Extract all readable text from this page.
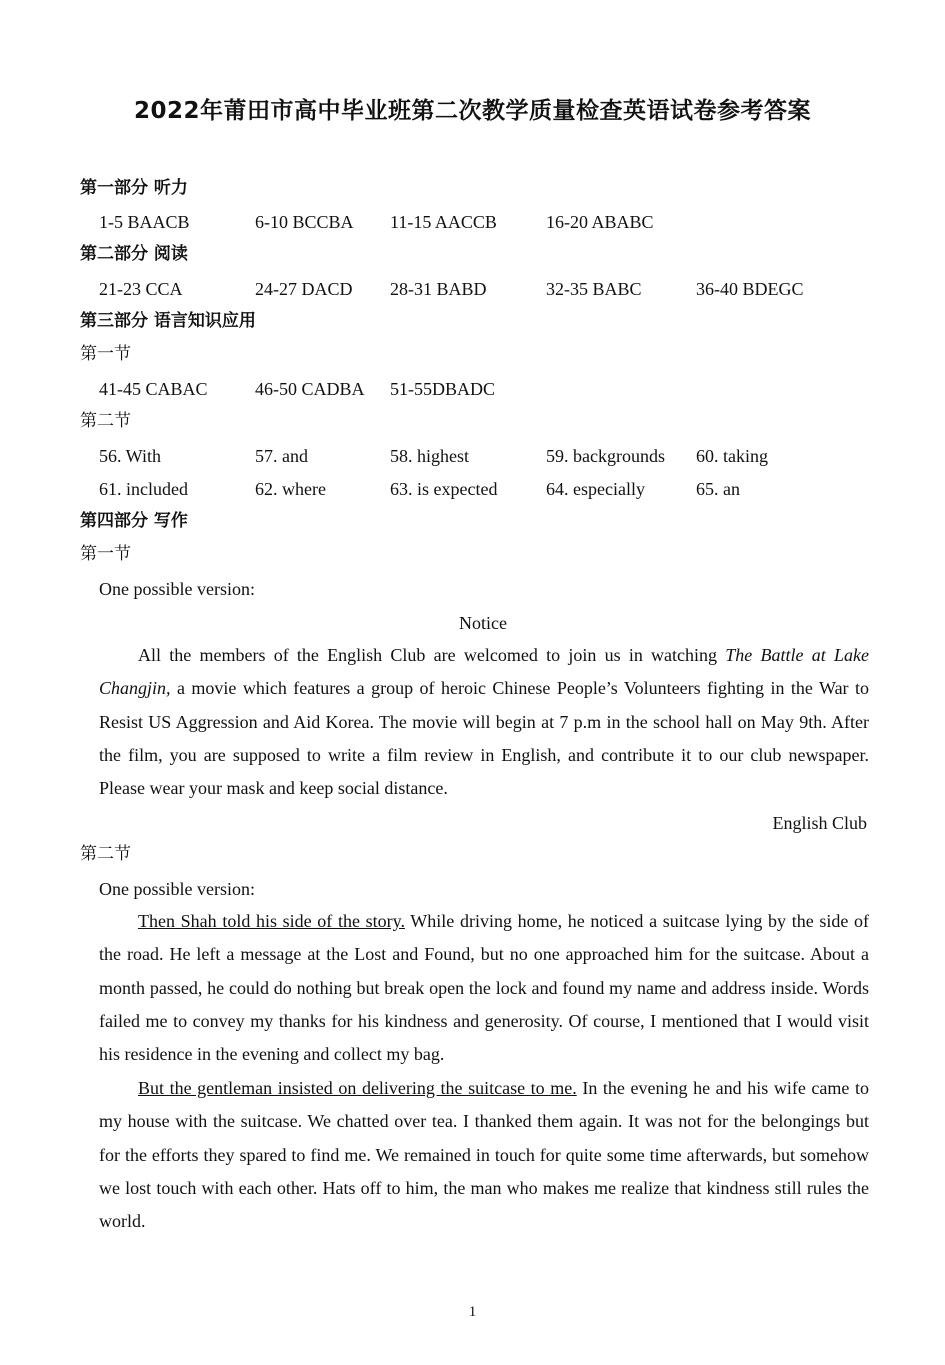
2022年莆田市高中毕业班第二次教学质量检查英语试卷参考答案
第一部分 听力
1-5 BAACB	6-10 BCCBA 11-15 AACCB	16-20 ABABC
第二部分 阅读
21-23 CCA	24-27 DACD 28-31 BABD	32-35 BABC	36-40 BDEGC
第三部分 语言知识应用
第一节
41-45 CABAC	46-50 CADBA 51-55DBADC
第二节
56. With	57. and	58. highest	59. backgrounds 60. taking
61. included	62. where	63. is expected	64. especially	65. an
第四部分 写作
第一节
One possible version:
Notice

All the members of the English Club are welcomed to join us in watching The Battle at Lake Changjin, a movie which features a group of heroic Chinese People’s Volunteers fighting in the War to Resist US Aggression and Aid Korea. The movie will begin at 7 p.m in the school hall on May 9th. After the film, you are supposed to write a film review in English, and contribute it to our club newspaper. Please wear your mask and keep social distance.

English Club
第二节
One possible version:

Then Shah told his side of the story. While driving home, he noticed a suitcase lying by the side of the road. He left a message at the Lost and Found, but no one approached him for the suitcase. About a month passed, he could do nothing but break open the lock and found my name and address inside. Words failed me to convey my thanks for his kindness and generosity. Of course, I mentioned that I would visit his residence in the evening and collect my bag.

But the gentleman insisted on delivering the suitcase to me. In the evening he and his wife came to my house with the suitcase. We chatted over tea. I thanked them again. It was not for the belongings but for the efforts they spared to find me. We remained in touch for quite some time afterwards, but somehow we lost touch with each other. Hats off to him, the man who makes me realize that kindness still rules the world.

1
